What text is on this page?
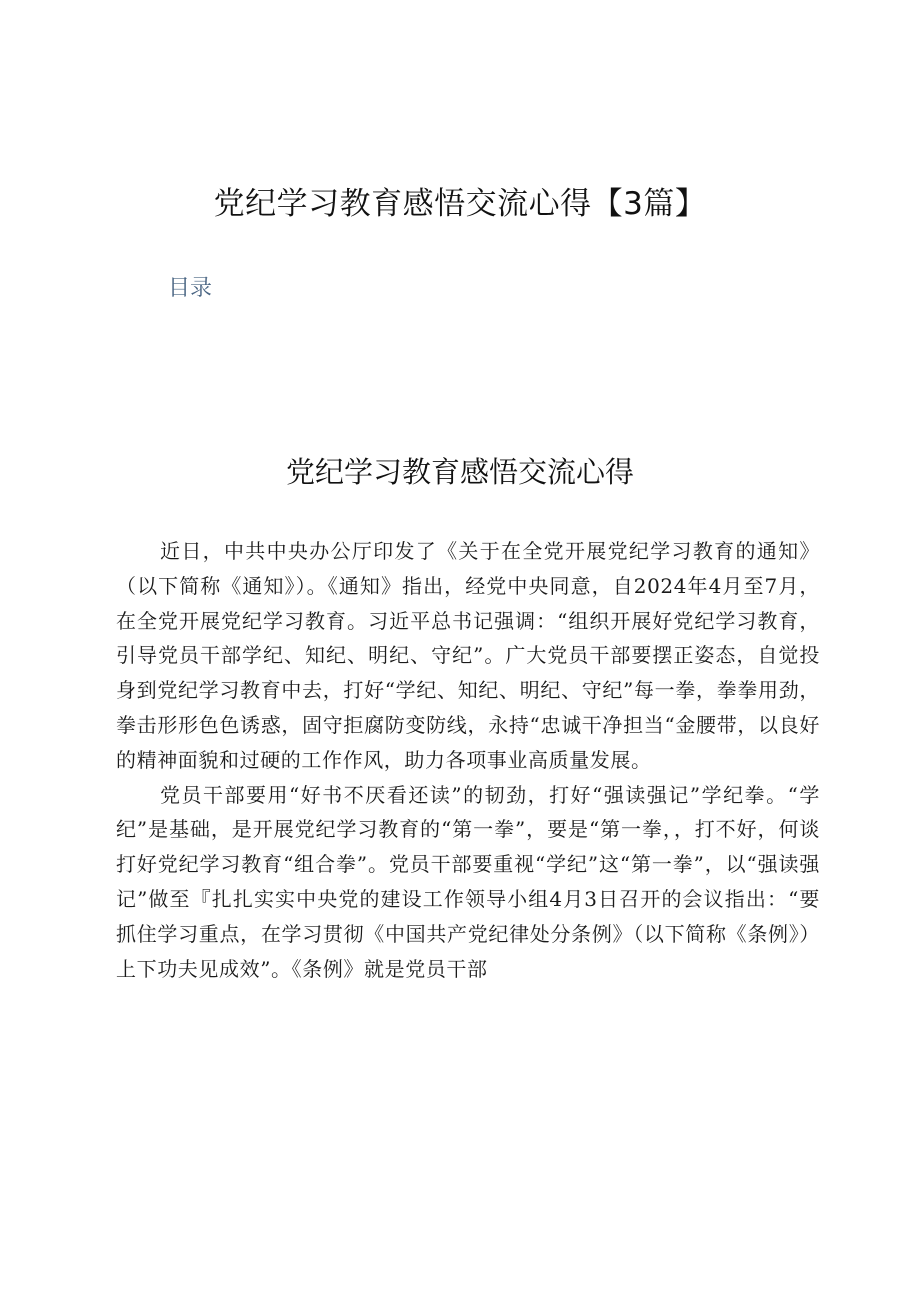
党纪学习教育感悟交流心得【3篇】
目录
党纪学习教育感悟交流心得

近日，中共中央办公厅印发了《关于在全党开展党纪学习教育的通知》（以下简称《通知》）。《通知》指出，经党中央同意，自2024年4月至7月，在全党开展党纪学习教育。习近平总书记强调：“组织开展好党纪学习教育，引导党员干部学纪、知纪、明纪、守纪”。广大党员干部要摆正姿态，自觉投身到党纪学习教育中去，打好“学纪、知纪、明纪、守纪”每一拳，拳拳用劲，拳击形形色色诱惑，固守拒腐防变防线，永持“忠诚干净担当“金腰带，以良好的精神面貌和过硬的工作作风，助力各项事业高质量发展。

党员干部要用“好书不厌看还读”的韧劲，打好“强读强记”学纪拳。“学纪”是基础，是开展党纪学习教育的“第一拳”，要是“第一拳，，打不好，何谈打好党纪学习教育“组合拳”。党员干部要重视“学纪”这“第一拳”，以“强读强记”做至『扎扎实实中央党的建设工作领导小组4月3日召开的会议指出：“要抓住学习重点，在学习贯彻《中国共产党纪律处分条例》（以下简称《条例》）上下功夫见成效”。《条例》就是党员干部
